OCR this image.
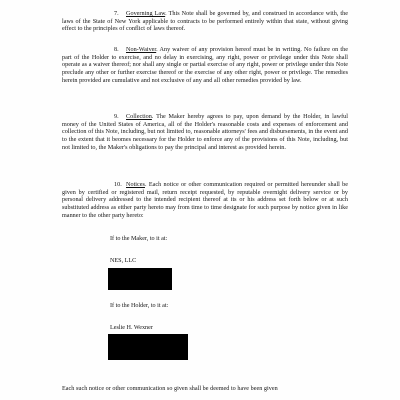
7. Governing Law. This Note shall be governed by, and construed in accordance with, the laws of the State of New York applicable to contracts to be performed entirely within that state, without giving effect to the principles of conflict of laws thereof.

8. Non-Waiver. Any waiver of any provision hereof must be in writing. No failure on the part of the Holder to exercise, and no delay in exercising, any right, power or privilege under this Note shall operate as a waiver thereof; nor shall any single or partial exercise of any right, power or privilege under this Note preclude any other or further exercise thereof or the exercise of any other right, power or privilege. The remedies herein provided are cumulative and not exclusive of any and all other remedies provided by law.

9. Collection. The Maker hereby agrees to pay, upon demand by the Holder, in lawful money of the United States of America, all of the Holder's reasonable costs and expenses of enforcement and collection of this Note, including, but not limited to, reasonable attorneys' fees and disbursements, in the event and to the extent that it beomes necessary for the Holder to enforce any of the provisions of this Note, including, but not limited to, the Maker's obligations to pay the principal and interest as provided herein.

10. Notices. Each notice or other communication required or permitted hereunder shall be given by certified or registered mail, return receipt requested, by reputable overnight delivery service or by personal delivery addressed to the intended recipient thereof at its or his address set forth below or at such substituted address as either party hereto may from time to time designate for such purpose by notice given in like manner to the other party hereto:

If to the Maker, to it at:

NES, LLC

If to the Holder, to it at:

Leslie H. Wexner

Each such notice or other communication so given shall be deemed to have been given
